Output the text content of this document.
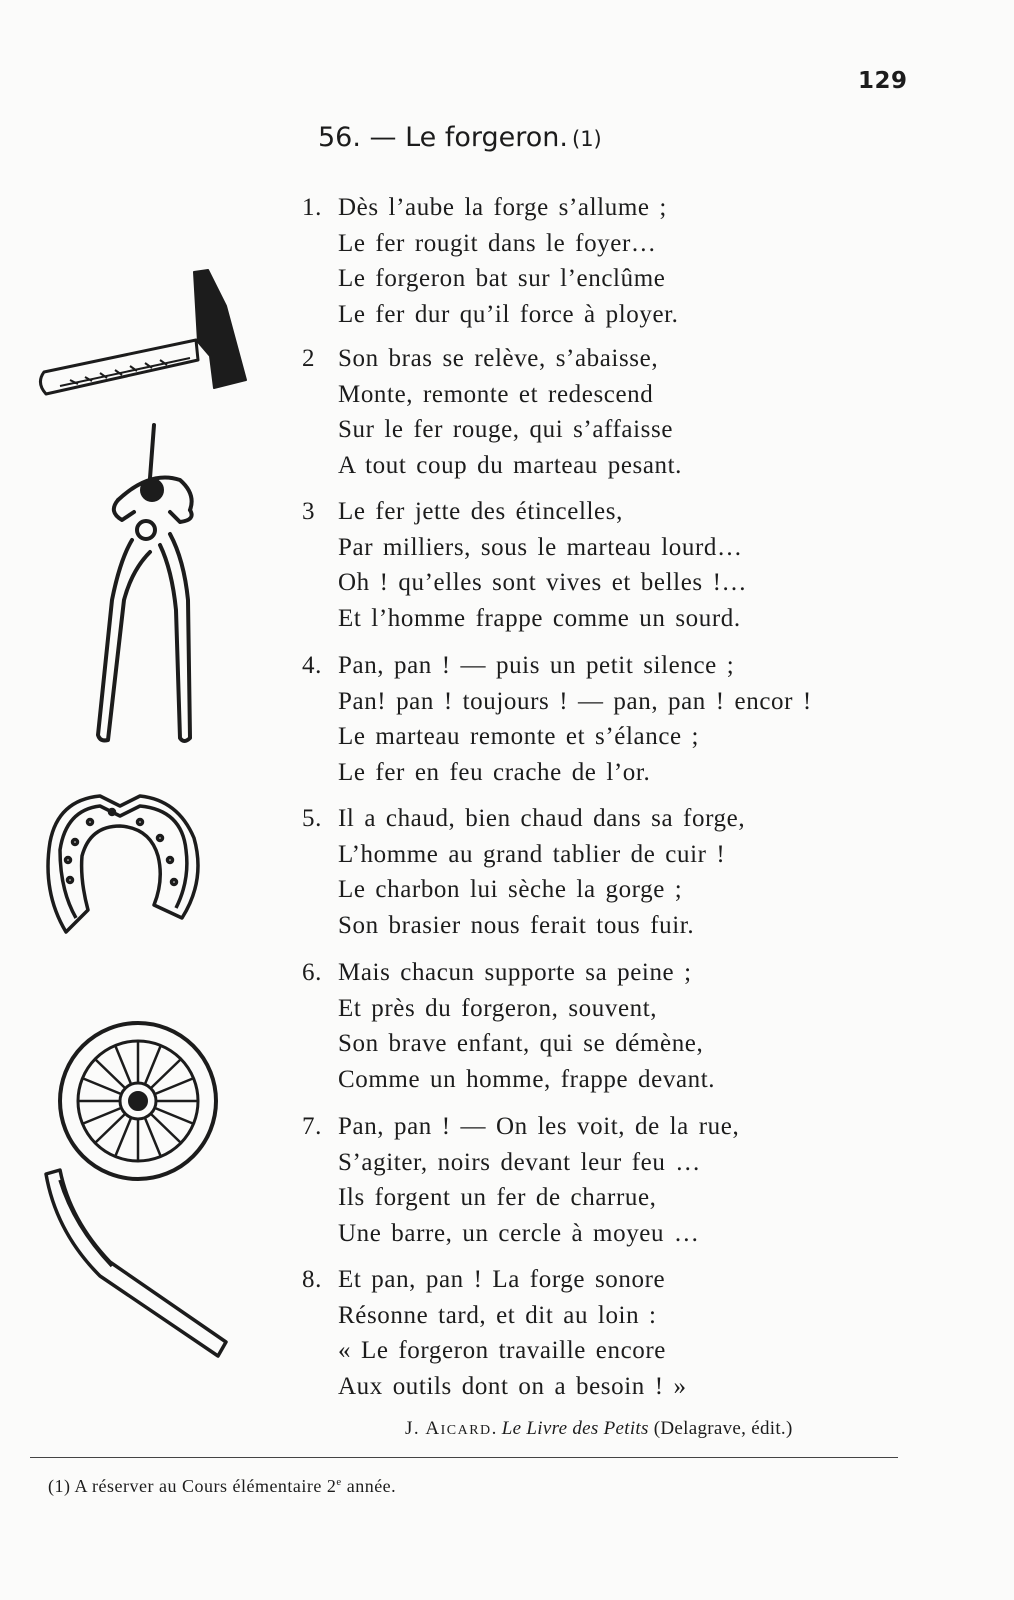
129
56. — Le forgeron. (1)
1. Dès l’aube la forge s’allume ;
Le fer rougit dans le foyer…
Le forgeron bat sur l’enclûme
Le fer dur qu’il force à ployer.
2 Son bras se relève, s’abaisse,
Monte, remonte et redescend
Sur le fer rouge, qui s’affaisse
A tout coup du marteau pesant.
3 Le fer jette des étincelles,
Par milliers, sous le marteau lourd…
Oh ! qu’elles sont vives et belles !…
Et l’homme frappe comme un sourd.
4. Pan, pan ! — puis un petit silence ;
Pan! pan ! toujours ! — pan, pan ! encor !
Le marteau remonte et s’élance ;
Le fer en feu crache de l’or.
5. Il a chaud, bien chaud dans sa forge,
L’homme au grand tablier de cuir !
Le charbon lui sèche la gorge ;
Son brasier nous ferait tous fuir.
6. Mais chacun supporte sa peine ;
Et près du forgeron, souvent,
Son brave enfant, qui se démène,
Comme un homme, frappe devant.
7. Pan, pan ! — On les voit, de la rue,
S’agiter, noirs devant leur feu …
Ils forgent un fer de charrue,
Une barre, un cercle à moyeu …
8. Et pan, pan ! La forge sonore
Résonne tard, et dit au loin :
« Le forgeron travaille encore
Aux outils dont on a besoin ! »
J. AICARD. Le Livre des Petits (Delagrave, édit.)
(1) A réserver au Cours élémentaire 2e année.
